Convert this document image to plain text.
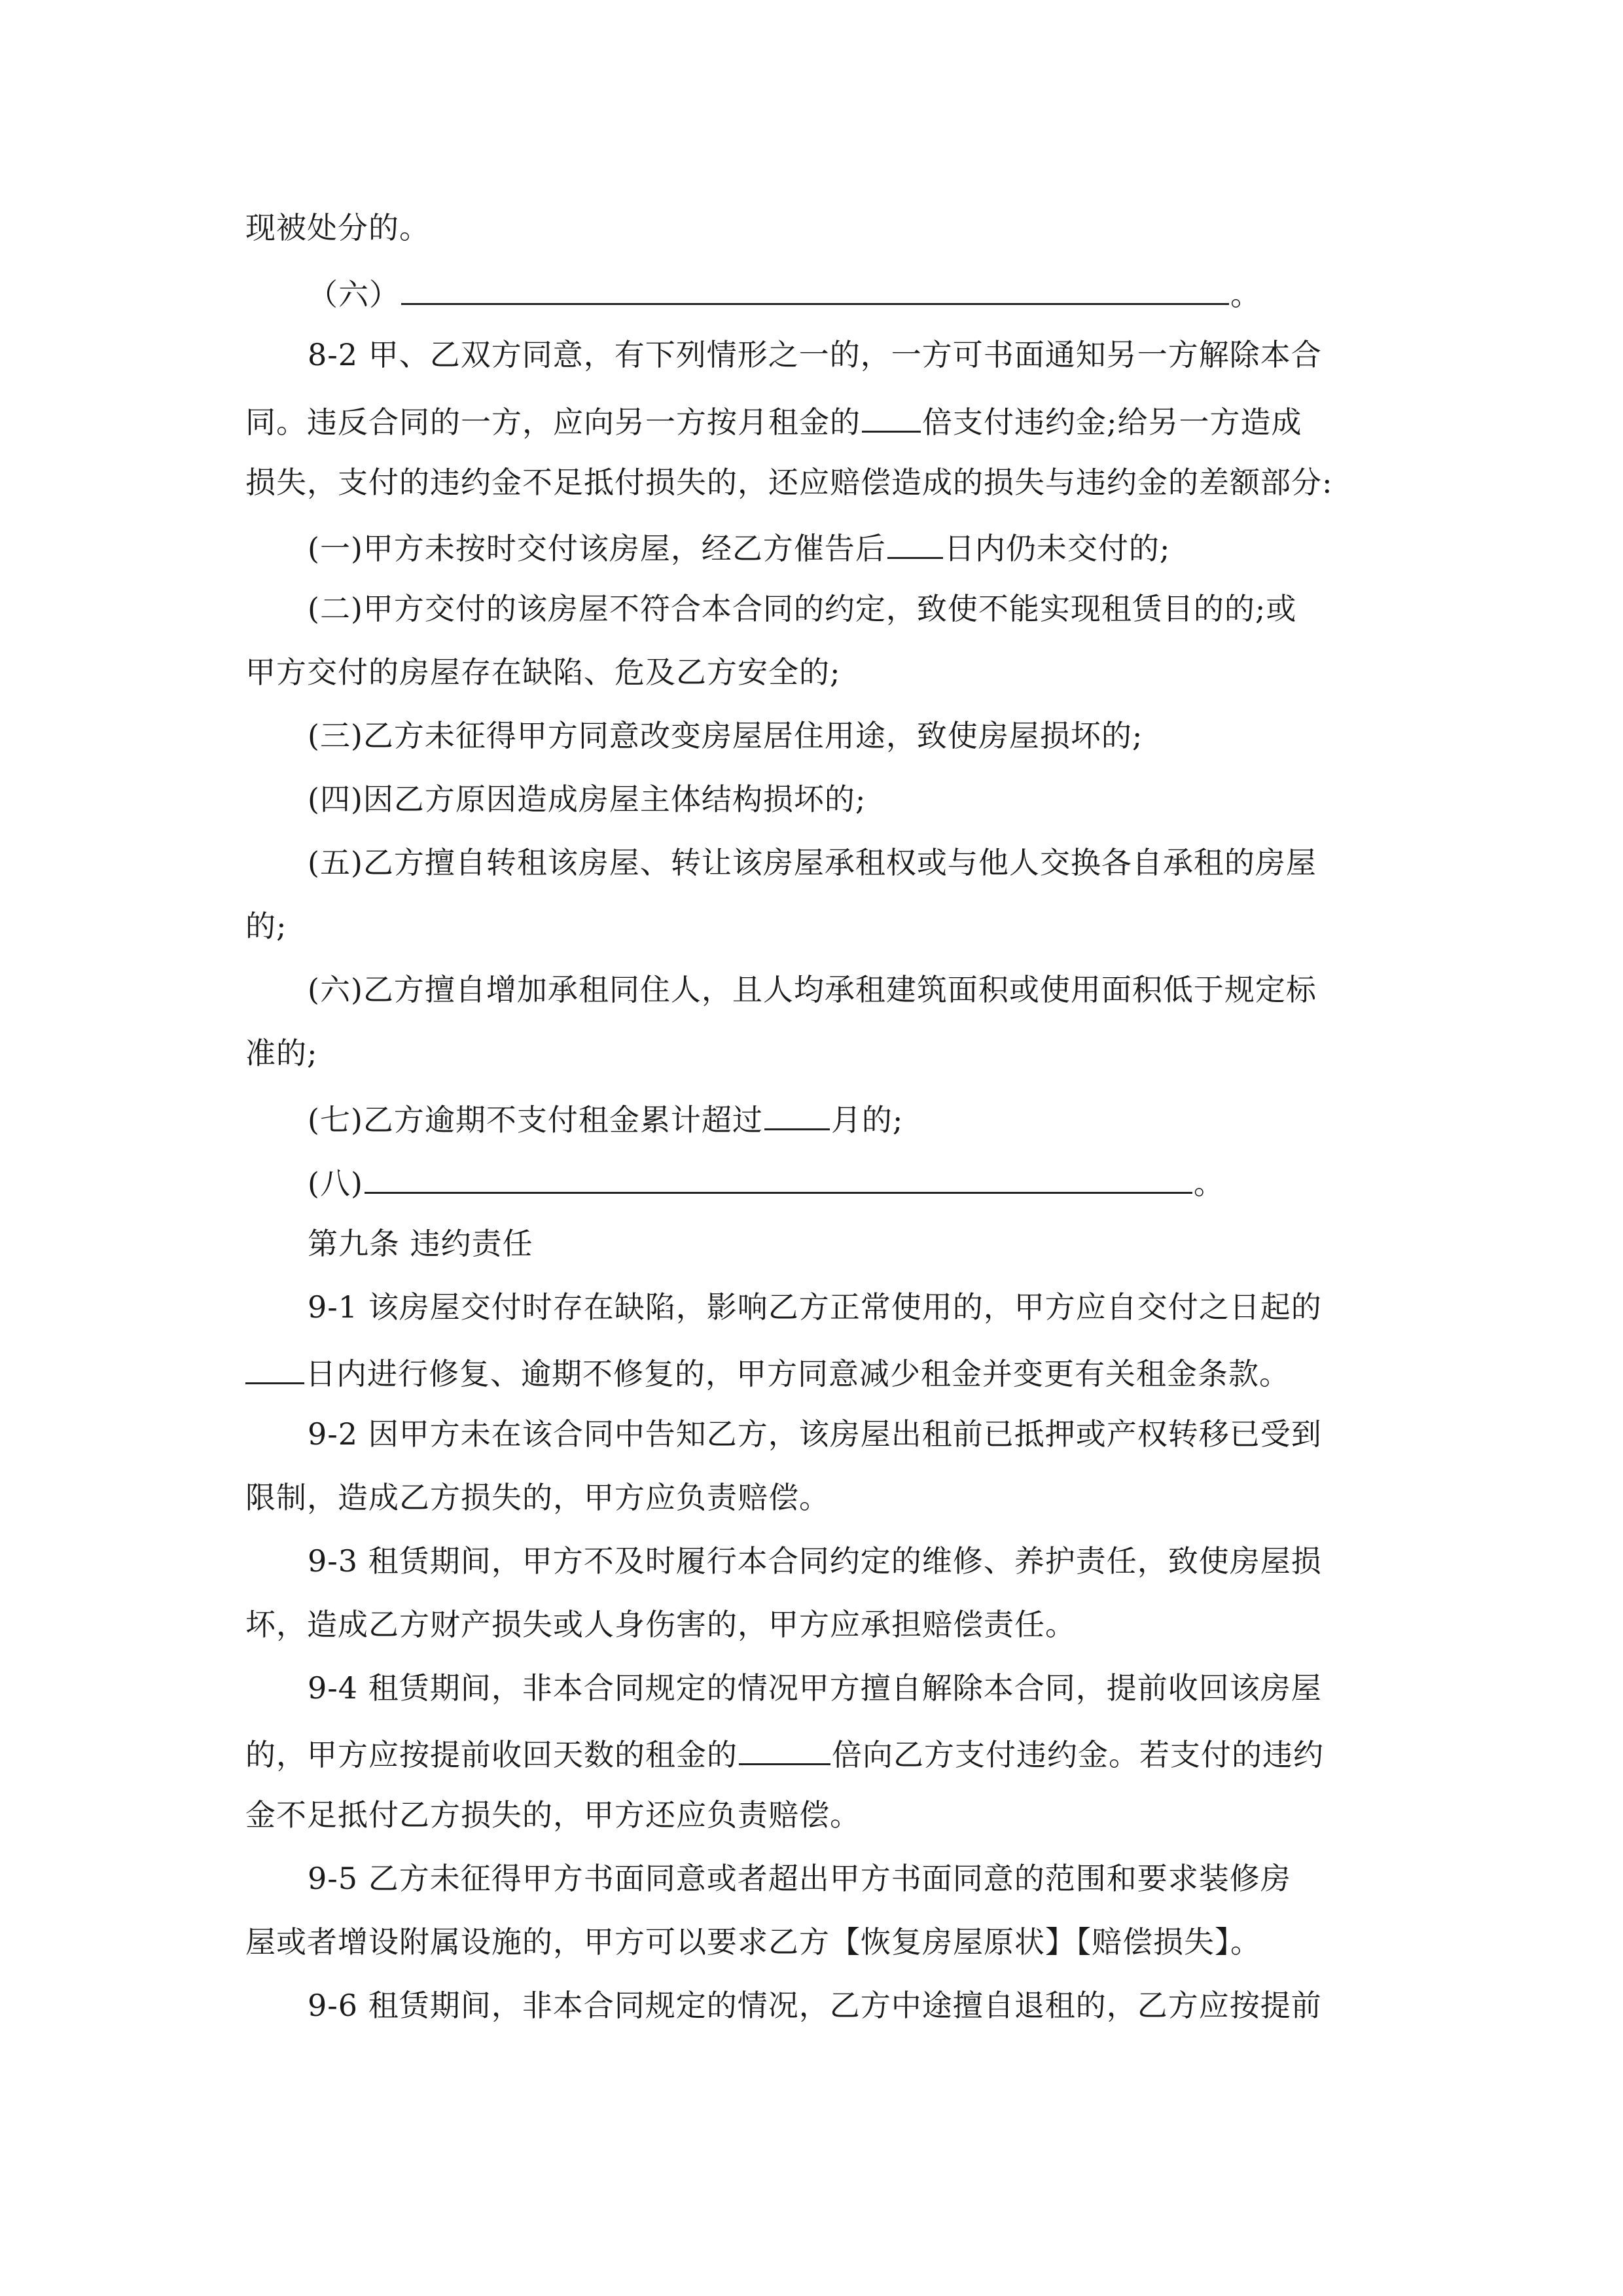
现被处分的。
（六）	。
8-2 甲、乙双方同意，有下列情形之一的，一方可书面通知另一方解除本合
同。违反合同的一方，应向另一方按月租金的 倍支付违约金;给另一方造成
损失，支付的违约金不足抵付损失的，还应赔偿造成的损失与违约金的差额部分:
(一)甲方未按时交付该房屋，经乙方催告后 日内仍未交付的;
(二)甲方交付的该房屋不符合本合同的约定，致使不能实现租赁目的的;或
甲方交付的房屋存在缺陷、危及乙方安全的;
(三)乙方未征得甲方同意改变房屋居住用途，致使房屋损坏的;
(四)因乙方原因造成房屋主体结构损坏的;
(五)乙方擅自转租该房屋、转让该房屋承租权或与他人交换各自承租的房屋
的;
(六)乙方擅自增加承租同住人，且人均承租建筑面积或使用面积低于规定标
准的;
(七)乙方逾期不支付租金累计超过 月的;
(八)	。
第九条 违约责任
9-1 该房屋交付时存在缺陷，影响乙方正常使用的，甲方应自交付之日起的
日内进行修复、逾期不修复的，甲方同意减少租金并变更有关租金条款。
9-2 因甲方未在该合同中告知乙方，该房屋出租前已抵押或产权转移已受到
限制，造成乙方损失的，甲方应负责赔偿。
9-3 租赁期间，甲方不及时履行本合同约定的维修、养护责任，致使房屋损
坏，造成乙方财产损失或人身伤害的，甲方应承担赔偿责任。
9-4 租赁期间，非本合同规定的情况甲方擅自解除本合同，提前收回该房屋
的，甲方应按提前收回天数的租金的	倍向乙方支付违约金。若支付的违约
金不足抵付乙方损失的，甲方还应负责赔偿。
9-5 乙方未征得甲方书面同意或者超出甲方书面同意的范围和要求装修房
屋或者增设附属设施的，甲方可以要求乙方【恢复房屋原状】【赔偿损失】。
9-6 租赁期间，非本合同规定的情况，乙方中途擅自退租的，乙方应按提前
